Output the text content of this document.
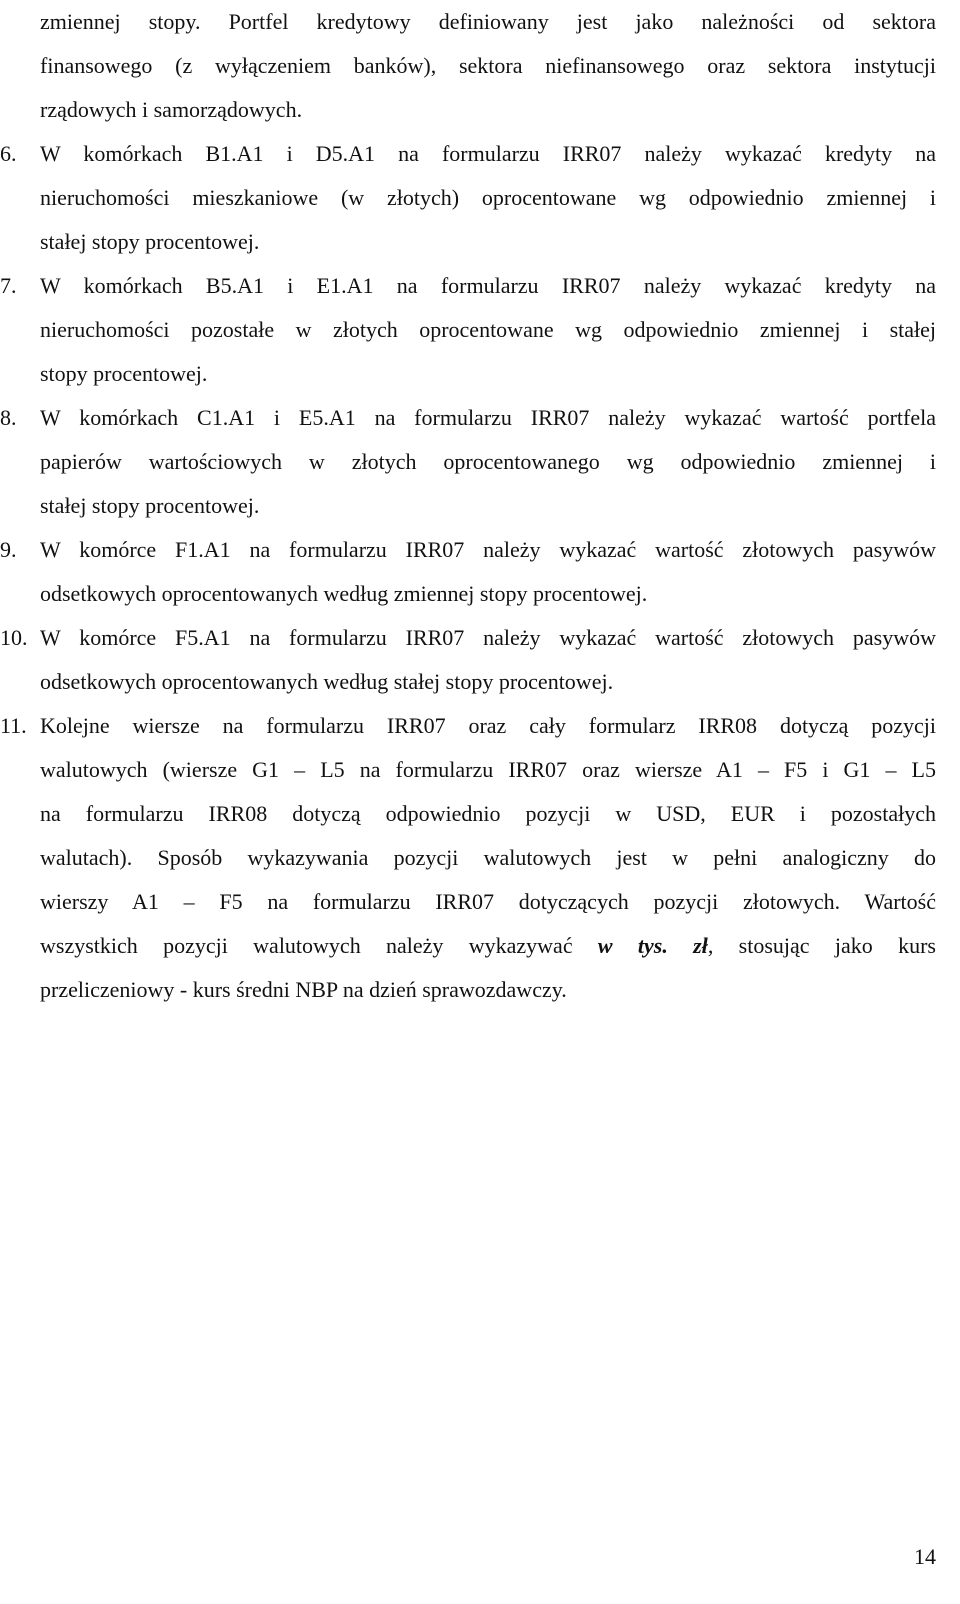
zmiennej stopy. Portfel kredytowy definiowany jest jako należności od sektora
finansowego (z wyłączeniem banków), sektora niefinansowego oraz sektora instytucji
rządowych i samorządowych.
6.	W komórkach B1.A1 i D5.A1 na formularzu IRR07 należy wykazać kredyty na
nieruchomości mieszkaniowe (w złotych) oprocentowane wg odpowiednio zmiennej i
stałej stopy procentowej.
7.	W komórkach B5.A1 i E1.A1 na formularzu IRR07 należy wykazać kredyty na
nieruchomości pozostałe w złotych oprocentowane wg odpowiednio zmiennej i stałej
stopy procentowej.
8.	W komórkach C1.A1 i E5.A1 na formularzu IRR07 należy wykazać wartość portfela
papierów wartościowych w złotych oprocentowanego wg odpowiednio zmiennej i
stałej stopy procentowej.
9.	W komórce F1.A1 na formularzu IRR07 należy wykazać wartość złotowych pasywów
odsetkowych oprocentowanych według zmiennej stopy procentowej.
10. W komórce F5.A1 na formularzu IRR07 należy wykazać wartość złotowych pasywów
odsetkowych oprocentowanych według stałej stopy procentowej.
11. Kolejne wiersze na formularzu IRR07 oraz cały formularz IRR08 dotyczą pozycji
walutowych (wiersze G1 – L5 na formularzu IRR07 oraz wiersze A1 – F5 i G1 – L5
na formularzu IRR08 dotyczą odpowiednio pozycji w USD, EUR i pozostałych
walutach). Sposób wykazywania pozycji walutowych jest w pełni analogiczny do
wierszy A1 – F5 na formularzu IRR07 dotyczących pozycji złotowych. Wartość
wszystkich pozycji walutowych należy wykazywać w tys. zł, stosując jako kurs
przeliczeniowy - kurs średni NBP na dzień sprawozdawczy.
14
